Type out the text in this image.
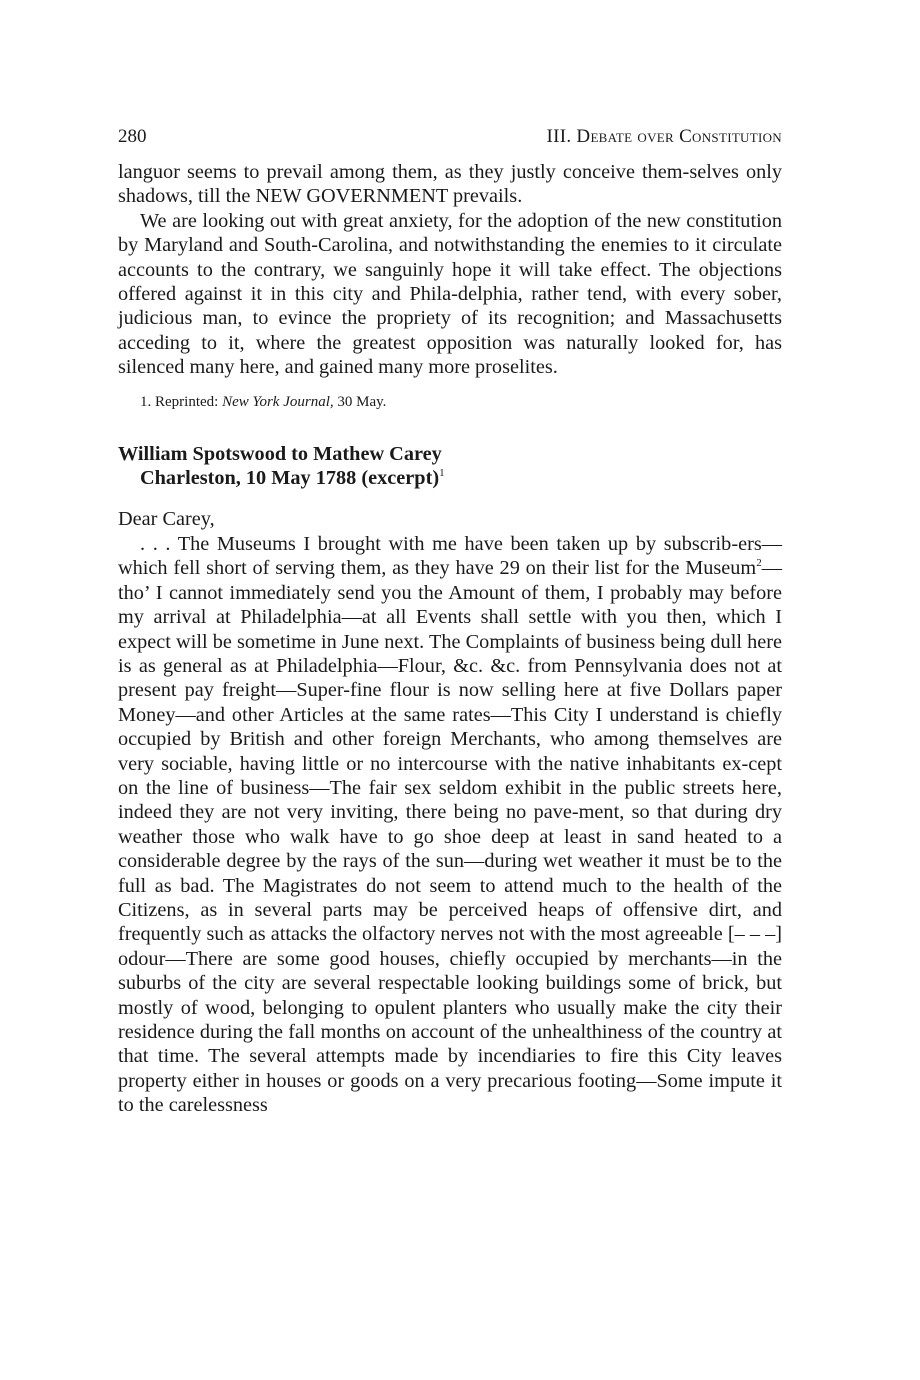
280	III. Debate over Constitution

languor seems to prevail among them, as they justly conceive them-selves only shadows, till the NEW GOVERNMENT prevails.

We are looking out with great anxiety, for the adoption of the new constitution by Maryland and South-Carolina, and notwithstanding the enemies to it circulate accounts to the contrary, we sanguinly hope it will take effect. The objections offered against it in this city and Phila-delphia, rather tend, with every sober, judicious man, to evince the propriety of its recognition; and Massachusetts acceding to it, where the greatest opposition was naturally looked for, has silenced many here, and gained many more proselites.

1. Reprinted: New York Journal, 30 May.
William Spotswood to Mathew Carey
Charleston, 10 May 1788 (excerpt)$^1$

Dear Carey,

. . . The Museums I brought with me have been taken up by subscrib-ers—which fell short of serving them, as they have 29 on their list for the Museum$^2$—tho’ I cannot immediately send you the Amount of them, I probably may before my arrival at Philadelphia—at all Events shall settle with you then, which I expect will be sometime in June next. The Complaints of business being dull here is as general as at Philadelphia—Flour, &c. &c. from Pennsylvania does not at present pay freight—Super-fine flour is now selling here at five Dollars paper Money—and other Articles at the same rates—This City I understand is chiefly occupied by British and other foreign Merchants, who among themselves are very sociable, having little or no intercourse with the native inhabitants ex-cept on the line of business—The fair sex seldom exhibit in the public streets here, indeed they are not very inviting, there being no pave-ment, so that during dry weather those who walk have to go shoe deep at least in sand heated to a considerable degree by the rays of the sun—during wet weather it must be to the full as bad. The Magistrates do not seem to attend much to the health of the Citizens, as in several parts may be perceived heaps of offensive dirt, and frequently such as attacks the olfactory nerves not with the most agreeable [– – –] odour—There are some good houses, chiefly occupied by merchants—in the suburbs of the city are several respectable looking buildings some of brick, but mostly of wood, belonging to opulent planters who usually make the city their residence during the fall months on account of the unhealthiness of the country at that time. The several attempts made by incendiaries to fire this City leaves property either in houses or goods on a very precarious footing—Some impute it to the carelessness
